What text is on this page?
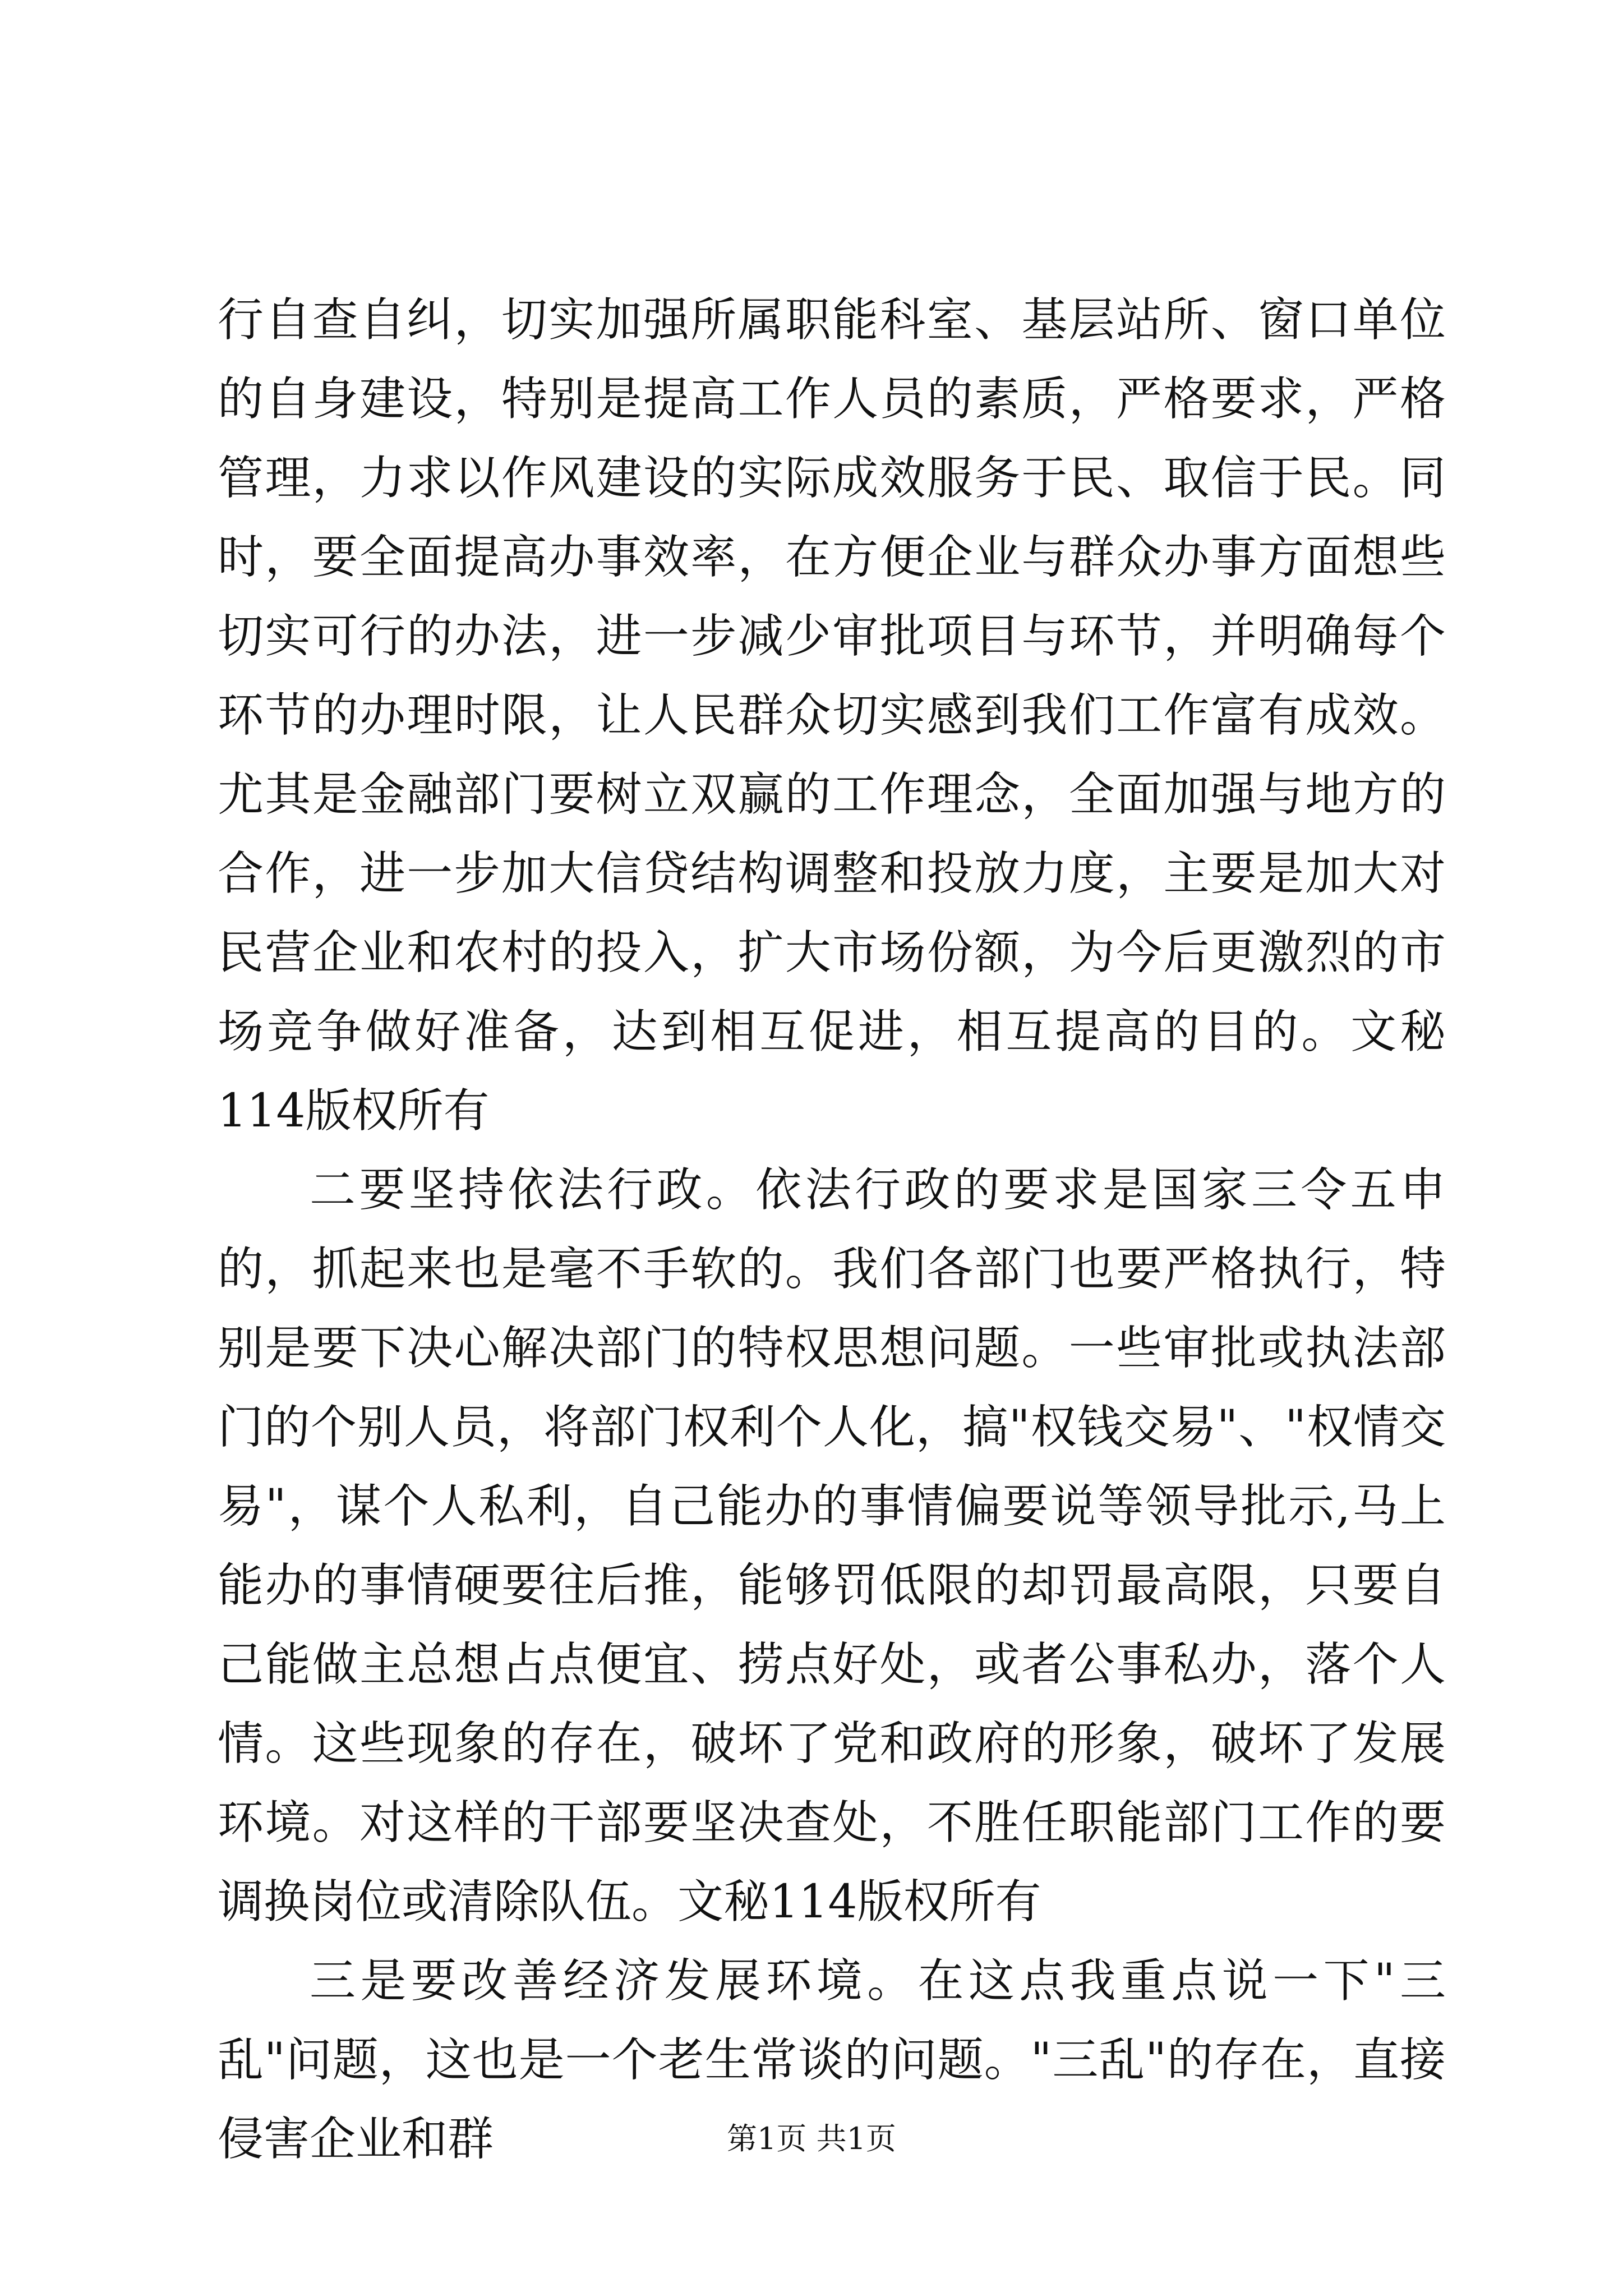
行自查自纠，切实加强所属职能科室、基层站所、窗口单位的自身建设，特别是提高工作人员的素质，严格要求，严格管理，力求以作风建设的实际成效服务于民、取信于民。同时，要全面提高办事效率，在方便企业与群众办事方面想些切实可行的办法，进一步减少审批项目与环节，并明确每个环节的办理时限，让人民群众切实感到我们工作富有成效。尤其是金融部门要树立双赢的工作理念，全面加强与地方的合作，进一步加大信贷结构调整和投放力度，主要是加大对民营企业和农村的投入，扩大市场份额，为今后更激烈的市场竞争做好准备，达到相互促进，相互提高的目的。文秘114版权所有

二要坚持依法行政。依法行政的要求是国家三令五申的，抓起来也是毫不手软的。我们各部门也要严格执行，特别是要下决心解决部门的特权思想问题。一些审批或执法部门的个别人员，将部门权利个人化，搞"权钱交易"、"权情交易"，谋个人私利，自己能办的事情偏要说等领导批示,马上能办的事情硬要往后推，能够罚低限的却罚最高限，只要自己能做主总想占点便宜、捞点好处，或者公事私办，落个人情。这些现象的存在，破坏了党和政府的形象，破坏了发展环境。对这样的干部要坚决查处，不胜任职能部门工作的要调换岗位或清除队伍。文秘114版权所有

三是要改善经济发展环境。在这点我重点说一下"三乱"问题，这也是一个老生常谈的问题。"三乱"的存在，直接侵害企业和群	第1页 共1页
